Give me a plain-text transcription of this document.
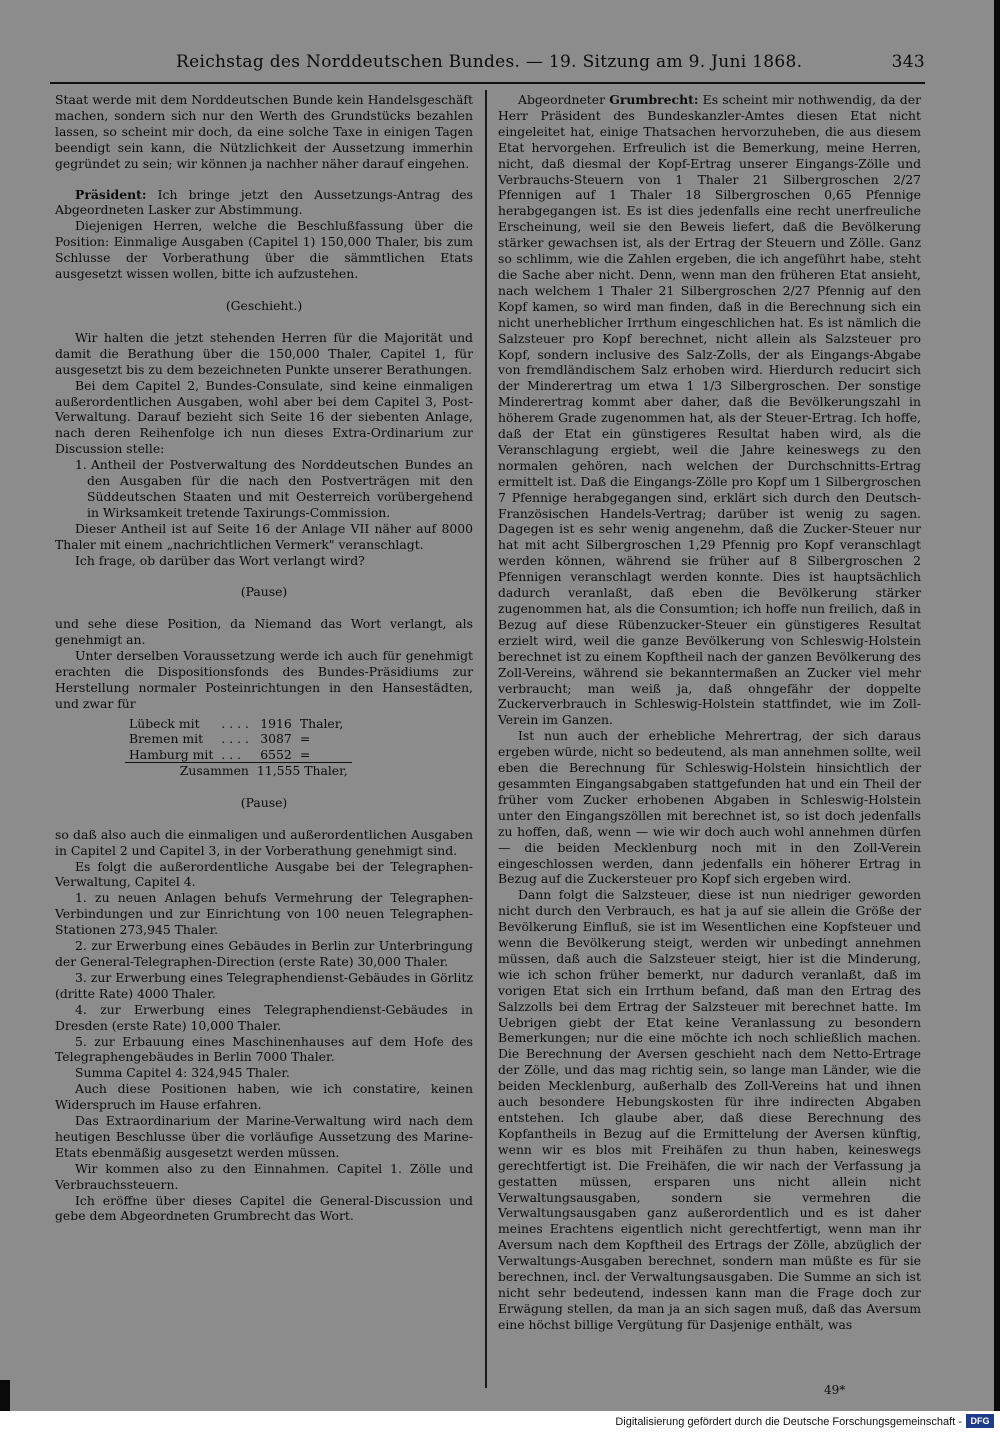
Reichstag des Norddeutschen Bundes. — 19. Sitzung am 9. Juni 1868.	343

Staat werde mit dem Norddeutschen Bunde kein Handelsgeschäft machen, sondern sich nur den Werth des Grundstücks bezahlen lassen, so scheint mir doch, da eine solche Taxe in einigen Tagen beendigt sein kann, die Nützlichkeit der Aussetzung immerhin gegründet zu sein; wir können ja nachher näher darauf eingehen.

Präsident: Ich bringe jetzt den Aussetzungs-Antrag des Abgeordneten Lasker zur Abstimmung.

Diejenigen Herren, welche die Beschlußfassung über die Position: Einmalige Ausgaben (Capitel 1) 150,000 Thaler, bis zum Schlusse der Vorberathung über die sämmtlichen Etats ausgesetzt wissen wollen, bitte ich aufzustehen.

(Geschieht.)

Wir halten die jetzt stehenden Herren für die Majorität und damit die Berathung über die 150,000 Thaler, Capitel 1, für ausgesetzt bis zu dem bezeichneten Punkte unserer Berathungen.

Bei dem Capitel 2, Bundes-Consulate, sind keine einmaligen außerordentlichen Ausgaben, wohl aber bei dem Capitel 3, Post-Verwaltung. Darauf bezieht sich Seite 16 der siebenten Anlage, nach deren Reihenfolge ich nun dieses Extra-Ordinarium zur Discussion stelle:

1. Antheil der Postverwaltung des Norddeutschen Bundes an den Ausgaben für die nach den Postverträgen mit den Süddeutschen Staaten und mit Oesterreich vorübergehend in Wirksamkeit tretende Taxirungs-Commission.

Dieser Antheil ist auf Seite 16 der Anlage VII näher auf 8000 Thaler mit einem „nachrichtlichen Vermerk" veranschlagt.

Ich frage, ob darüber das Wort verlangt wird?

(Pause)

und sehe diese Position, da Niemand das Wort verlangt, als genehmigt an.

Unter derselben Voraussetzung werde ich auch für genehmigt erachten die Dispositionsfonds des Bundes-Präsidiums zur Herstellung normaler Posteinrichtungen in den Hansestädten, und zwar für

Lübeck mit	. . . .	1916	Thaler,
Bremen mit	. . . .	3087	=
Hamburg mit	. . .	6552	=
Zusammen		11,555 Thaler,	

(Pause)

so daß also auch die einmaligen und außerordentlichen Ausgaben in Capitel 2 und Capitel 3, in der Vorberathung genehmigt sind.

Es folgt die außerordentliche Ausgabe bei der Telegraphen-Verwaltung, Capitel 4.

1. zu neuen Anlagen behufs Vermehrung der Telegraphen-Verbindungen und zur Einrichtung von 100 neuen Telegraphen-Stationen 273,945 Thaler.

2. zur Erwerbung eines Gebäudes in Berlin zur Unterbringung der General-Telegraphen-Direction (erste Rate) 30,000 Thaler.

3. zur Erwerbung eines Telegraphendienst-Gebäudes in Görlitz (dritte Rate) 4000 Thaler.

4. zur Erwerbung eines Telegraphendienst-Gebäudes in Dresden (erste Rate) 10,000 Thaler.

5. zur Erbauung eines Maschinenhauses auf dem Hofe des Telegraphengebäudes in Berlin 7000 Thaler.

Summa Capitel 4: 324,945 Thaler.

Auch diese Positionen haben, wie ich constatire, keinen Widerspruch im Hause erfahren.

Das Extraordinarium der Marine-Verwaltung wird nach dem heutigen Beschlusse über die vorläufige Aussetzung des Marine-Etats ebenmäßig ausgesetzt werden müssen.

Wir kommen also zu den Einnahmen. Capitel 1. Zölle und Verbrauchssteuern.

Ich eröffne über dieses Capitel die General-Discussion und gebe dem Abgeordneten Grumbrecht das Wort.

Abgeordneter Grumbrecht: Es scheint mir nothwendig, da der Herr Präsident des Bundeskanzler-Amtes diesen Etat nicht eingeleitet hat, einige Thatsachen hervorzuheben, die aus diesem Etat hervorgehen. Erfreulich ist die Bemerkung, meine Herren, nicht, daß diesmal der Kopf-Ertrag unserer Eingangs-Zölle und Verbrauchs-Steuern von 1 Thaler 21 Silbergroschen 2/27 Pfennigen auf 1 Thaler 18 Silbergroschen 0,65 Pfennige herabgegangen ist. Es ist dies jedenfalls eine recht unerfreuliche Erscheinung, weil sie den Beweis liefert, daß die Bevölkerung stärker gewachsen ist, als der Ertrag der Steuern und Zölle. Ganz so schlimm, wie die Zahlen ergeben, die ich angeführt habe, steht die Sache aber nicht. Denn, wenn man den früheren Etat ansieht, nach welchem 1 Thaler 21 Silbergroschen 2/27 Pfennig auf den Kopf kamen, so wird man finden, daß in die Berechnung sich ein nicht unerheblicher Irrthum eingeschlichen hat. Es ist nämlich die Salzsteuer pro Kopf berechnet, nicht allein als Salzsteuer pro Kopf, sondern inclusive des Salz-Zolls, der als Eingangs-Abgabe von fremdländischem Salz erhoben wird. Hierdurch reducirt sich der Minderertrag um etwa 1 1/3 Silbergroschen. Der sonstige Minderertrag kommt aber daher, daß die Bevölkerungszahl in höherem Grade zugenommen hat, als der Steuer-Ertrag. Ich hoffe, daß der Etat ein günstigeres Resultat haben wird, als die Veranschlagung ergiebt, weil die Jahre keineswegs zu den normalen gehören, nach welchen der Durchschnitts-Ertrag ermittelt ist. Daß die Eingangs-Zölle pro Kopf um 1 Silbergroschen 7 Pfennige herabgegangen sind, erklärt sich durch den Deutsch-Französischen Handels-Vertrag; darüber ist wenig zu sagen. Dagegen ist es sehr wenig angenehm, daß die Zucker-Steuer nur hat mit acht Silbergroschen 1,29 Pfennig pro Kopf veranschlagt werden können, während sie früher auf 8 Silbergroschen 2 Pfennigen veranschlagt werden konnte. Dies ist hauptsächlich dadurch veranlaßt, daß eben die Bevölkerung stärker zugenommen hat, als die Consumtion; ich hoffe nun freilich, daß in Bezug auf diese Rübenzucker-Steuer ein günstigeres Resultat erzielt wird, weil die ganze Bevölkerung von Schleswig-Holstein berechnet ist zu einem Kopftheil nach der ganzen Bevölkerung des Zoll-Vereins, während sie bekanntermaßen an Zucker viel mehr verbraucht; man weiß ja, daß ohngefähr der doppelte Zuckerverbrauch in Schleswig-Holstein stattfindet, wie im Zoll-Verein im Ganzen.

Ist nun auch der erhebliche Mehrertrag, der sich daraus ergeben würde, nicht so bedeutend, als man annehmen sollte, weil eben die Berechnung für Schleswig-Holstein hinsichtlich der gesammten Eingangsabgaben stattgefunden hat und ein Theil der früher vom Zucker erhobenen Abgaben in Schleswig-Holstein unter den Eingangszöllen mit berechnet ist, so ist doch jedenfalls zu hoffen, daß, wenn — wie wir doch auch wohl annehmen dürfen — die beiden Mecklenburg noch mit in den Zoll-Verein eingeschlossen werden, dann jedenfalls ein höherer Ertrag in Bezug auf die Zuckersteuer pro Kopf sich ergeben wird.

Dann folgt die Salzsteuer, diese ist nun niedriger geworden nicht durch den Verbrauch, es hat ja auf sie allein die Größe der Bevölkerung Einfluß, sie ist im Wesentlichen eine Kopfsteuer und wenn die Bevölkerung steigt, werden wir unbedingt annehmen müssen, daß auch die Salzsteuer steigt, hier ist die Minderung, wie ich schon früher bemerkt, nur dadurch veranlaßt, daß im vorigen Etat sich ein Irrthum befand, daß man den Ertrag des Salzzolls bei dem Ertrag der Salzsteuer mit berechnet hatte. Im Uebrigen giebt der Etat keine Veranlassung zu besondern Bemerkungen; nur die eine möchte ich noch schließlich machen. Die Berechnung der Aversen geschieht nach dem Netto-Ertrage der Zölle, und das mag richtig sein, so lange man Länder, wie die beiden Mecklenburg, außerhalb des Zoll-Vereins hat und ihnen auch besondere Hebungskosten für ihre indirecten Abgaben entstehen. Ich glaube aber, daß diese Berechnung des Kopfantheils in Bezug auf die Ermittelung der Aversen künftig, wenn wir es blos mit Freihäfen zu thun haben, keineswegs gerechtfertigt ist. Die Freihäfen, die wir nach der Verfassung ja gestatten müssen, ersparen uns nicht allein nicht Verwaltungsausgaben, sondern sie vermehren die Verwaltungsausgaben ganz außerordentlich und es ist daher meines Erachtens eigentlich nicht gerechtfertigt, wenn man ihr Aversum nach dem Kopftheil des Ertrags der Zölle, abzüglich der Verwaltungs-Ausgaben berechnet, sondern man müßte es für sie berechnen, incl. der Verwaltungsausgaben. Die Summe an sich ist nicht sehr bedeutend, indessen kann man die Frage doch zur Erwägung stellen, da man ja an sich sagen muß, daß das Aversum eine höchst billige Vergütung für Dasjenige enthält, was

49*
Digitalisierung gefördert durch die Deutsche Forschungsgemeinschaft - DFG
